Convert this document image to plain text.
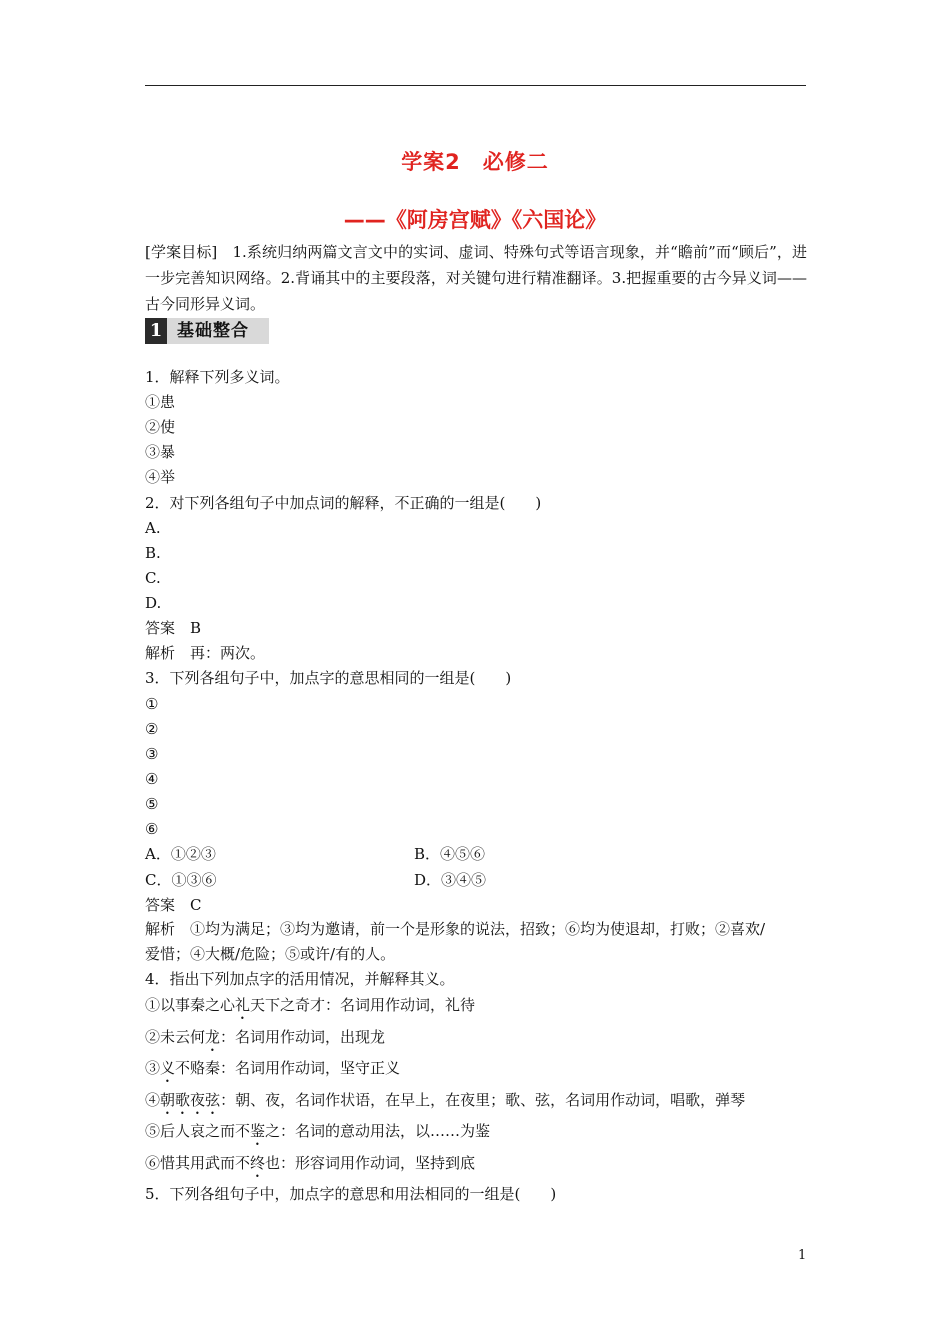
学案2　必修二
——《阿房宫赋》《六国论》
[学案目标]　1.系统归纳两篇文言文中的实词、虚词、特殊句式等语言现象，并“瞻前”而“顾后”，进一步完善知识网络。2.背诵其中的主要段落，对关键句进行精准翻译。3.把握重要的古今异义词——古今同形异义词。
1 基础整合
1．解释下列多义词。
①患
②使
③暴
④举
2．对下列各组句子中加点词的解释，不正确的一组是(　　)
A.
B.
C.
D.
答案　B
解析　再：两次。
3．下列各组句子中，加点字的意思相同的一组是(　　)
①
②
③
④
⑤
⑥
A．①②③	B．④⑤⑥
C．①③⑥	D．③④⑤
答案　C
解析　①均为满足；③均为邀请，前一个是形象的说法，招致；⑥均为使退却，打败；②喜欢/
爱惜；④大概/危险；⑤或许/有的人。
4．指出下列加点字的活用情况，并解释其义。
①以事秦之心礼天下之奇才：名词用作动词，礼待
②未云何龙：名词用作动词，出现龙
③义不赂秦：名词用作动词，坚守正义
④朝歌夜弦：朝、夜，名词作状语，在早上，在夜里；歌、弦，名词用作动词，唱歌，弹琴
⑤后人哀之而不鉴之：名词的意动用法，以……为鉴
⑥惜其用武而不终也：形容词用作动词，坚持到底
5．下列各组句子中，加点字的意思和用法相同的一组是(　　)
1
